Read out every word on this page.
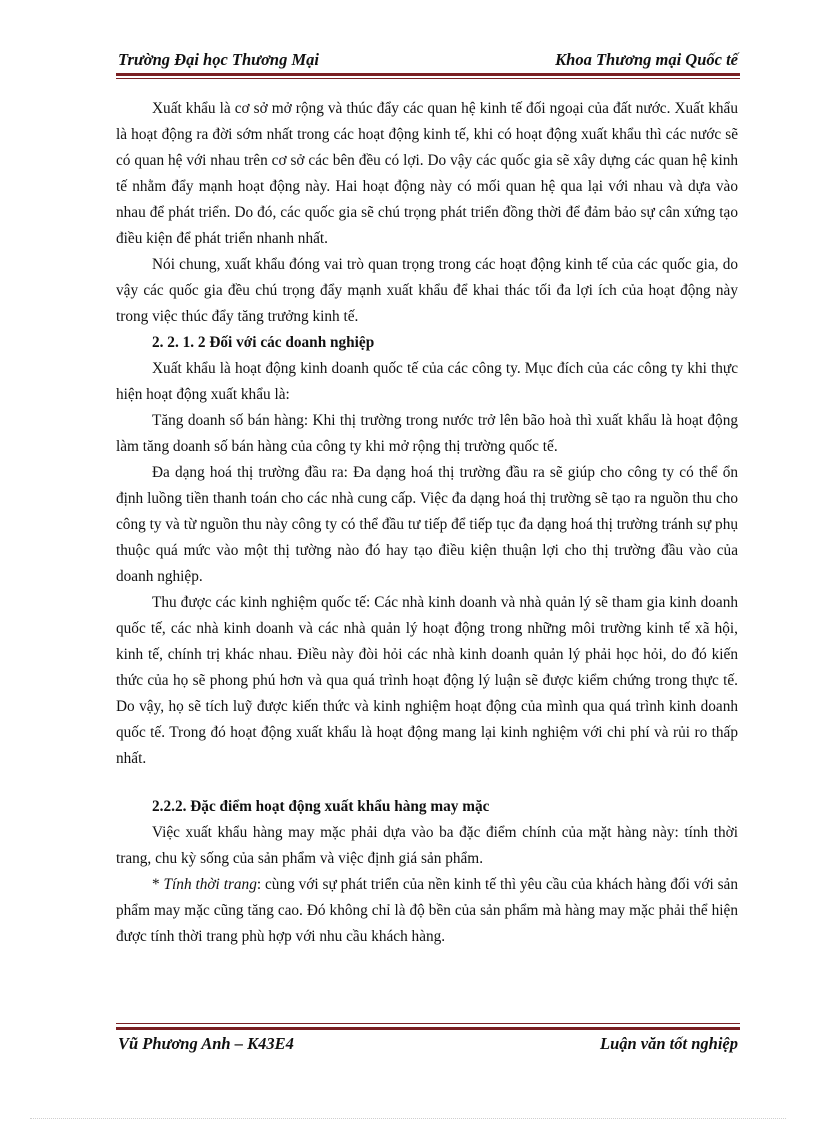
Trường Đại học Thương Mại	Khoa Thương mại Quốc tế

Xuất khẩu là cơ sở mở rộng và thúc đẩy các quan hệ kinh tế đối ngoại của đất nước. Xuất khẩu là hoạt động ra đời sớm nhất trong các hoạt động kinh tế, khi có hoạt động xuất khẩu thì các nước sẽ có quan hệ với nhau trên cơ sở các bên đều có lợi. Do vậy các quốc gia sẽ xây dựng các quan hệ kinh tế nhằm đẩy mạnh hoạt động này. Hai hoạt động này có mối quan hệ qua lại với nhau và dựa vào nhau để phát triển. Do đó, các quốc gia sẽ chú trọng phát triển đồng thời để đảm bảo sự cân xứng tạo điều kiện để phát triển nhanh nhất.

Nói chung, xuất khẩu đóng vai trò quan trọng trong các hoạt động kinh tế của các quốc gia, do vậy các quốc gia đều chú trọng đẩy mạnh xuất khẩu để khai thác tối đa lợi ích của hoạt động này trong việc thúc đẩy tăng trưởng kinh tế.

2. 2. 1. 2 Đối với các doanh nghiệp

Xuất khẩu là hoạt động kinh doanh quốc tế của các công ty. Mục đích của các công ty khi thực hiện hoạt động xuất khẩu là:

Tăng doanh số bán hàng: Khi thị trường trong nước trở lên bão hoà thì xuất khẩu là hoạt động làm tăng doanh số bán hàng của công ty khi mở rộng thị trường quốc tế.

Đa dạng hoá thị trường đầu ra: Đa dạng hoá thị trường đầu ra sẽ giúp cho công ty có thể ổn định luồng tiền thanh toán cho các nhà cung cấp. Việc đa dạng hoá thị trường sẽ tạo ra nguồn thu cho công ty và từ nguồn thu này công ty có thể đầu tư tiếp để tiếp tục đa dạng hoá thị trường tránh sự phụ thuộc quá mức vào một thị tường nào đó hay tạo điều kiện thuận lợi cho thị trường đầu vào của doanh nghiệp.

Thu được các kinh nghiệm quốc tế: Các nhà kinh doanh và nhà quản lý sẽ tham gia kinh doanh quốc tế, các nhà kinh doanh và các nhà quản lý hoạt động trong những môi trường kinh tế xã hội, kinh tế, chính trị khác nhau. Điều này đòi hỏi các nhà kinh doanh quản lý phải học hỏi, do đó kiến thức của họ sẽ phong phú hơn và qua quá trình hoạt động lý luận sẽ được kiểm chứng trong thực tế. Do vậy, họ sẽ tích luỹ được kiến thức và kinh nghiệm hoạt động của mình qua quá trình kinh doanh quốc tế. Trong đó hoạt động xuất khẩu là hoạt động mang lại kinh nghiệm với chi phí và rủi ro thấp nhất.

2.2.2. Đặc điểm hoạt động xuất khẩu hàng may mặc

Việc xuất khẩu hàng may mặc phải dựa vào ba đặc điểm chính của mặt hàng này: tính thời trang, chu kỳ sống của sản phẩm và việc định giá sản phẩm.

* Tính thời trang: cùng với sự phát triển của nền kinh tế thì yêu cầu của khách hàng đối với sản phẩm may mặc cũng tăng cao. Đó không chỉ là độ bền của sản phẩm mà hàng may mặc phải thể hiện được tính thời trang phù hợp với nhu cầu khách hàng.

Vũ Phương Anh – K43E4	Luận văn tốt nghiệp
